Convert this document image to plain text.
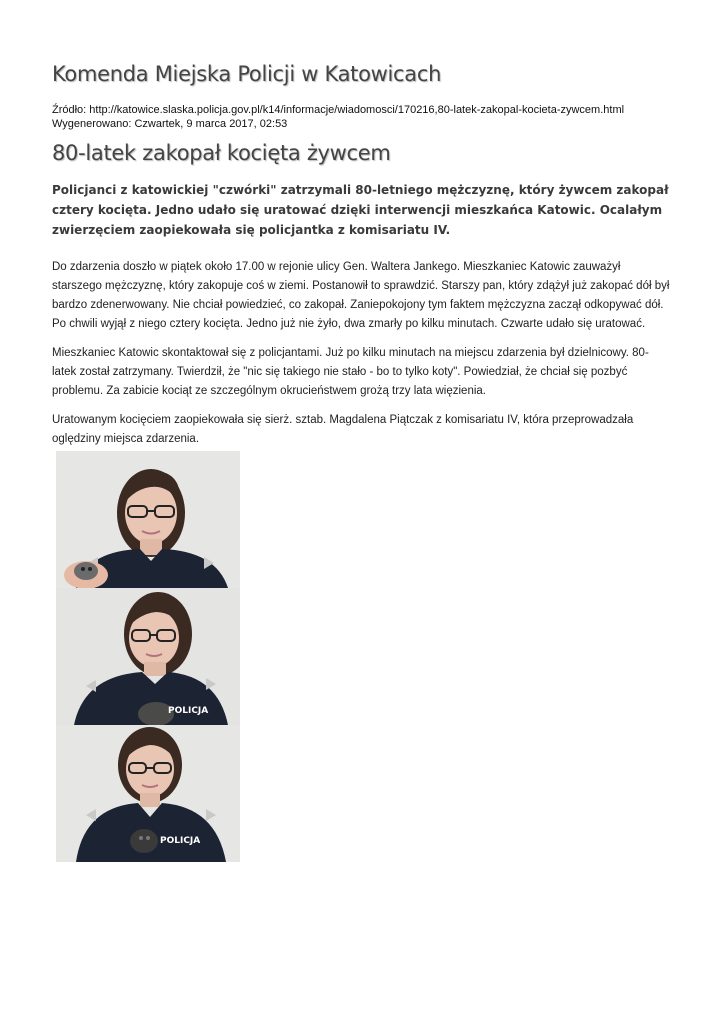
Komenda Miejska Policji w Katowicach
Źródło: http://katowice.slaska.policja.gov.pl/k14/informacje/wiadomosci/170216,80-latek-zakopal-kocieta-zywcem.html
Wygenerowano: Czwartek, 9 marca 2017, 02:53
80-latek zakopał kocięta żywcem

Policjanci z katowickiej "czwórki" zatrzymali 80-letniego mężczyznę, który żywcem zakopał cztery kocięta. Jedno udało się uratować dzięki interwencji mieszkańca Katowic. Ocalałym zwierzęciem zaopiekowała się policjantka z komisariatu IV.

Do zdarzenia doszło w piątek około 17.00 w rejonie ulicy Gen. Waltera Jankego. Mieszkaniec Katowic zauważył starszego mężczyznę, który zakopuje coś w ziemi. Postanowił to sprawdzić. Starszy pan, który zdążył już zakopać dół był bardzo zdenerwowany. Nie chciał powiedzieć, co zakopał. Zaniepokojony tym faktem mężczyzna zaczął odkopywać dół. Po chwili wyjął z niego cztery kocięta. Jedno już nie żyło, dwa zmarły po kilku minutach. Czwarte udało się uratować.

Mieszkaniec Katowic skontaktował się z policjantami. Już po kilku minutach na miejscu zdarzenia był dzielnicowy. 80-latek został zatrzymany. Twierdził, że "nic się takiego nie stało - bo to tylko koty". Powiedział, że chciał się pozbyć problemu. Za zabicie kociąt ze szczególnym okrucieństwem grożą trzy lata więzienia.

Uratowanym kocięciem zaopiekowała się sierż. sztab. Magdalena Piątczak z komisariatu IV, która przeprowadzała oględziny miejsca zdarzenia.

POLICJA
POLICJA
